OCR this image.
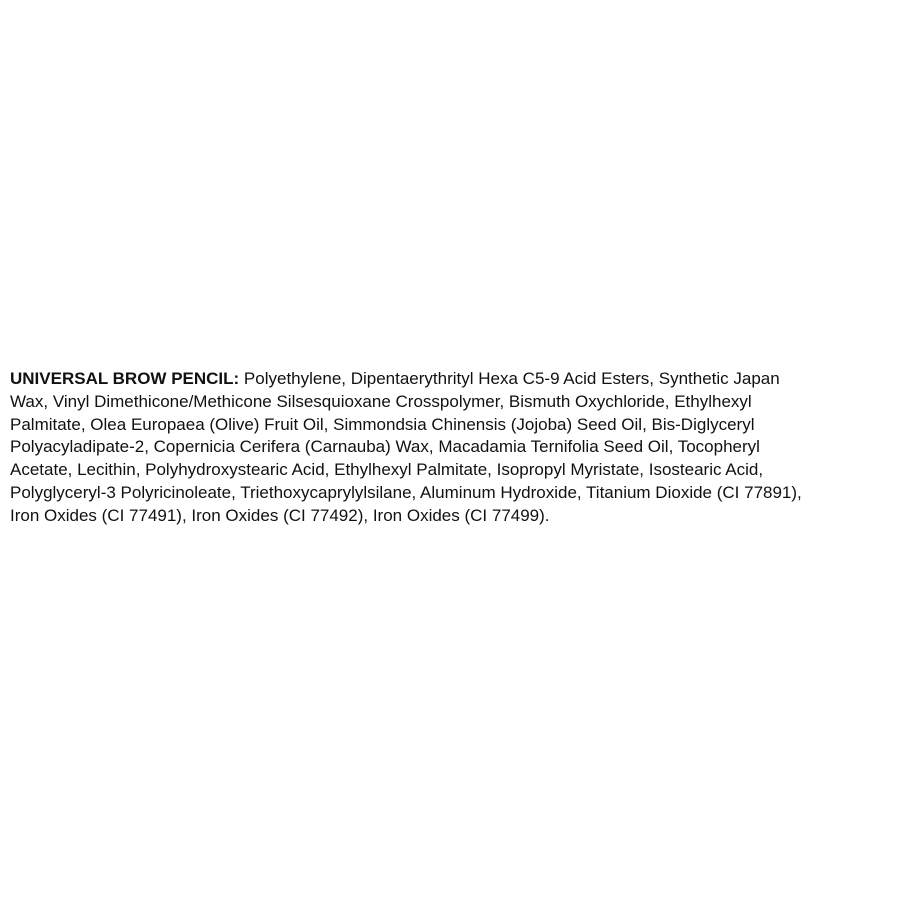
UNIVERSAL BROW PENCIL: Polyethylene, Dipentaerythrityl Hexa C5-9 Acid Esters, Synthetic Japan
Wax, Vinyl Dimethicone/Methicone Silsesquioxane Crosspolymer, Bismuth Oxychloride, Ethylhexyl
Palmitate, Olea Europaea (Olive) Fruit Oil, Simmondsia Chinensis (Jojoba) Seed Oil, Bis-Diglyceryl
Polyacyladipate-2, Copernicia Cerifera (Carnauba) Wax, Macadamia Ternifolia Seed Oil, Tocopheryl
Acetate, Lecithin, Polyhydroxystearic Acid, Ethylhexyl Palmitate, Isopropyl Myristate, Isostearic Acid,
Polyglyceryl-3 Polyricinoleate, Triethoxycaprylylsilane, Aluminum Hydroxide, Titanium Dioxide (CI 77891),
Iron Oxides (CI 77491), Iron Oxides (CI 77492), Iron Oxides (CI 77499).
